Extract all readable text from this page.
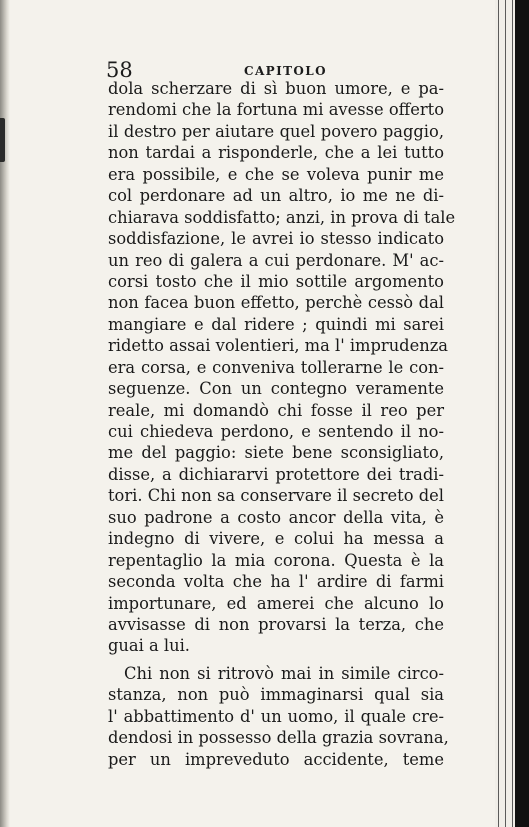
58	CAPITOLO
dola scherzare di sì buon umore, e pa-
rendomi che la fortuna mi avesse offerto
il destro per aiutare quel povero paggio,
non tardai a risponderle, che a lei tutto
era possibile, e che se voleva punir me
col perdonare ad un altro, io me ne di-
chiarava soddisfatto; anzi, in prova di tale
soddisfazione, le avrei io stesso indicato
un reo di galera a cui perdonare. M' ac-
corsi tosto che il mio sottile argomento
non facea buon effetto, perchè cessò dal
mangiare e dal ridere ; quindi mi sarei
ridetto assai volentieri, ma l' imprudenza
era corsa, e conveniva tollerarne le con-
seguenze. Con un contegno veramente
reale, mi domandò chi fosse il reo per
cui chiedeva perdono, e sentendo il no-
me del paggio: siete bene sconsigliato,
disse, a dichiararvi protettore dei tradi-
tori. Chi non sa conservare il secreto del
suo padrone a costo ancor della vita, è
indegno di vivere, e colui ha messa a
repentaglio la mia corona. Questa è la
seconda volta che ha l' ardire di farmi
importunare, ed amerei che alcuno lo
avvisasse di non provarsi la terza, che
guai a lui.
Chi non si ritrovò mai in simile circo-
stanza, non può immaginarsi qual sia
l' abbattimento d' un uomo, il quale cre-
dendosi in possesso della grazia sovrana,
per un impreveduto accidente, teme
